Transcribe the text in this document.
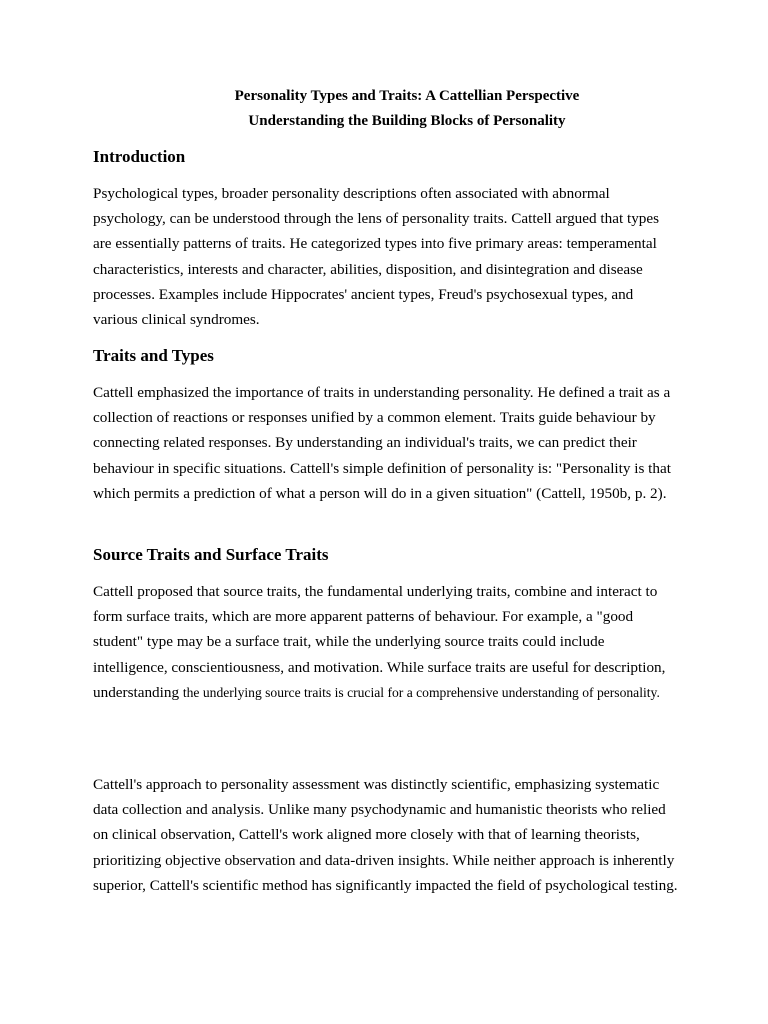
Personality Types and Traits: A Cattellian Perspective

Understanding the Building Blocks of Personality

Introduction

Psychological types, broader personality descriptions often associated with abnormal psychology, can be understood through the lens of personality traits. Cattell argued that types are essentially patterns of traits. He categorized types into five primary areas: temperamental characteristics, interests and character, abilities, disposition, and disintegration and disease processes. Examples include Hippocrates' ancient types, Freud's psychosexual types, and various clinical syndromes.

Traits and Types

Cattell emphasized the importance of traits in understanding personality. He defined a trait as a collection of reactions or responses unified by a common element. Traits guide behaviour by connecting related responses. By understanding an individual's traits, we can predict their behaviour in specific situations. Cattell's simple definition of personality is: "Personality is that which permits a prediction of what a person will do in a given situation" (Cattell, 1950b, p. 2).

Source Traits and Surface Traits

Cattell proposed that source traits, the fundamental underlying traits, combine and interact to form surface traits, which are more apparent patterns of behaviour. For example, a "good student" type may be a surface trait, while the underlying source traits could include intelligence, conscientiousness, and motivation. While surface traits are useful for description, understanding the underlying source traits is crucial for a comprehensive understanding of personality.

Cattell's approach to personality assessment was distinctly scientific, emphasizing systematic data collection and analysis. Unlike many psychodynamic and humanistic theorists who relied on clinical observation, Cattell's work aligned more closely with that of learning theorists, prioritizing objective observation and data-driven insights. While neither approach is inherently superior, Cattell's scientific method has significantly impacted the field of psychological testing.
